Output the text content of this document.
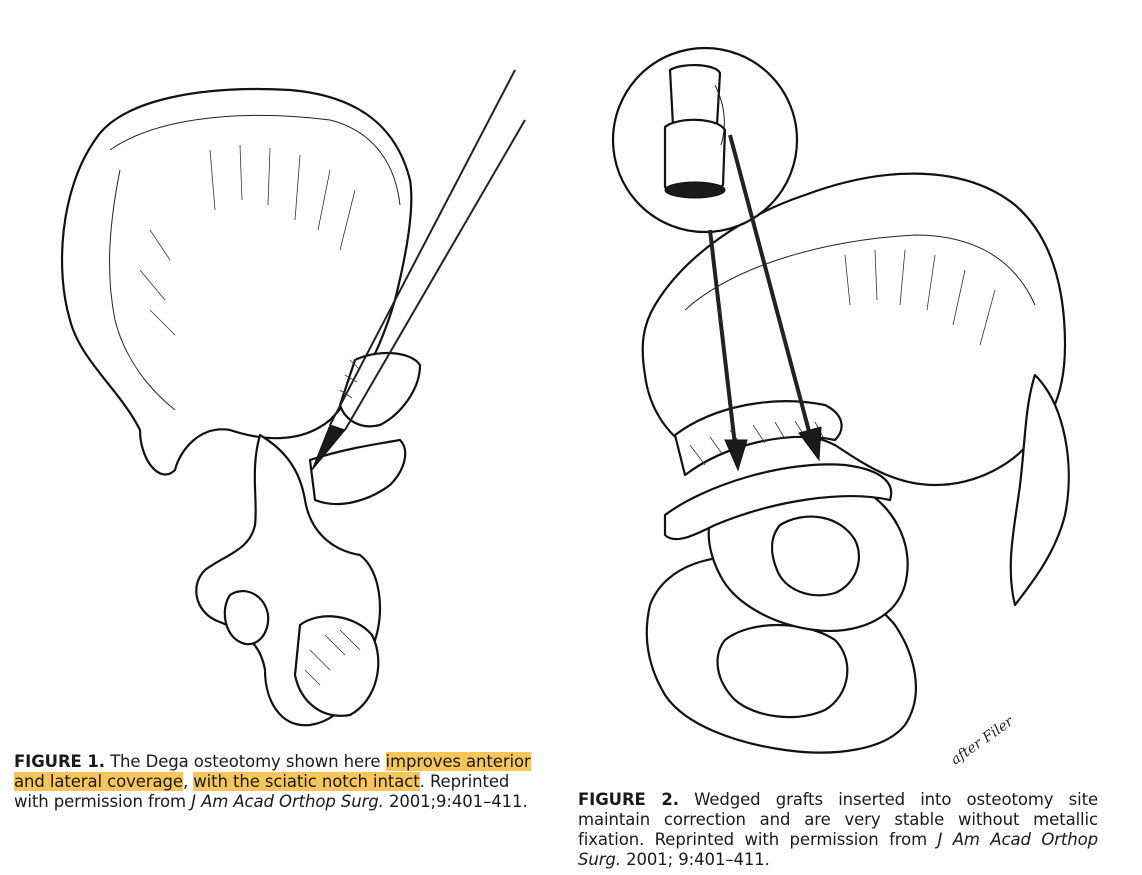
after Filer
FIGURE 1. The Dega osteotomy shown here improves anterior and lateral coverage, with the sciatic notch intact. Reprinted with permission from J Am Acad Orthop Surg. 2001;9:401–411.	FIGURE 2. Wedged grafts inserted into osteotomy site maintain correction and are very stable without metallic fixation. Reprinted with permission from J Am Acad Orthop Surg. 2001; 9:401–411.
